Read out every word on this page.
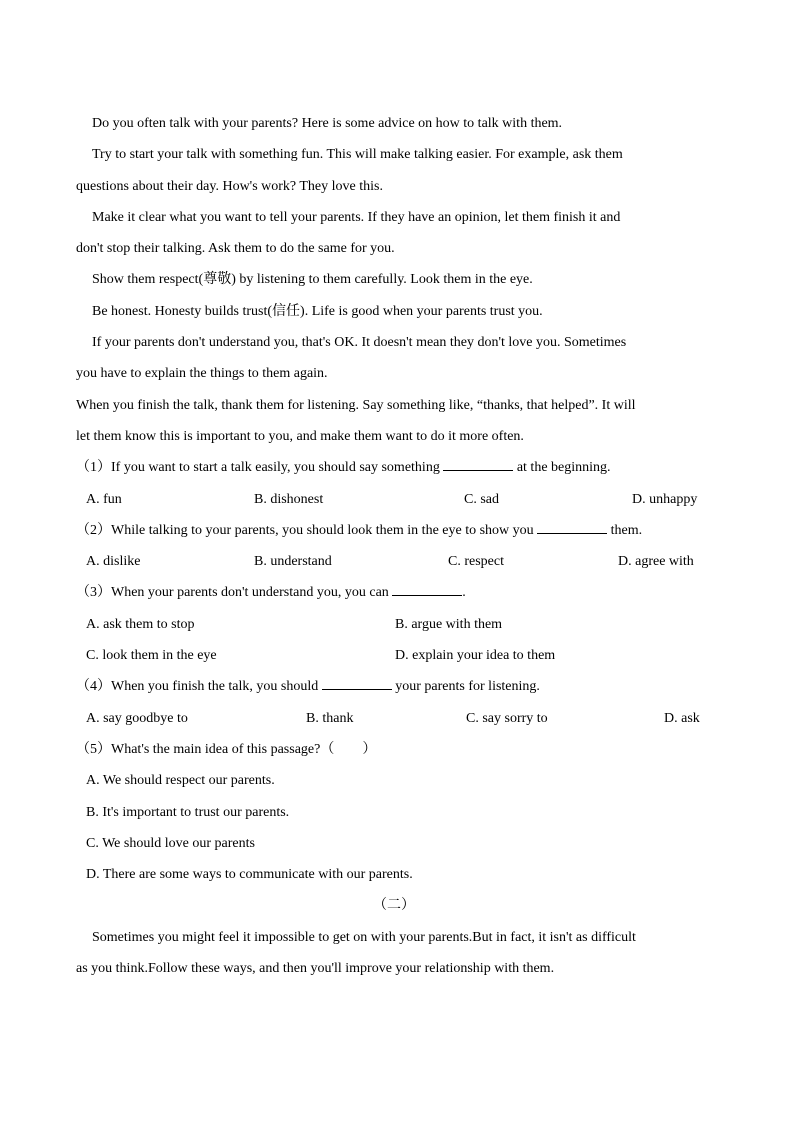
Do you often talk with your parents? Here is some advice on how to talk with them.
Try to start your talk with something fun. This will make talking easier. For example, ask them
questions about their day. How's work? They love this.
Make it clear what you want to tell your parents. If they have an opinion, let them finish it and
don't stop their talking. Ask them to do the same for you.
Show them respect(尊敬) by listening to them carefully. Look them in the eye.
Be honest. Honesty builds trust(信任). Life is good when your parents trust you.
If your parents don't understand you, that's OK. It doesn't mean they don't love you. Sometimes
you have to explain the things to them again.
When you finish the talk, thank them for listening. Say something like, “thanks, that helped”. It will
let them know this is important to you, and make them want to do it more often.
（1）If you want to start a talk easily, you should say something	at the beginning.
A. fun	B. dishonest	C. sad	D. unhappy
（2）While talking to your parents, you should look them in the eye to show you	them.
A. dislike	B. understand	C. respect	D. agree with
（3）When your parents don't understand you, you can	.
A. ask them to stop	B. argue with them
C. look them in the eye	D. explain your idea to them
（4）When you finish the talk, you should	your parents for listening.
A. say goodbye to	B. thank	C. say sorry to	D. ask
（5）What's the main idea of this passage?（　　）
A. We should respect our parents.
B. It's important to trust our parents.
C. We should love our parents
D. There are some ways to communicate with our parents.
（二）
Sometimes you might feel it impossible to get on with your parents.But in fact, it isn't as difficult
as you think.Follow these ways, and then you'll improve your relationship with them.
